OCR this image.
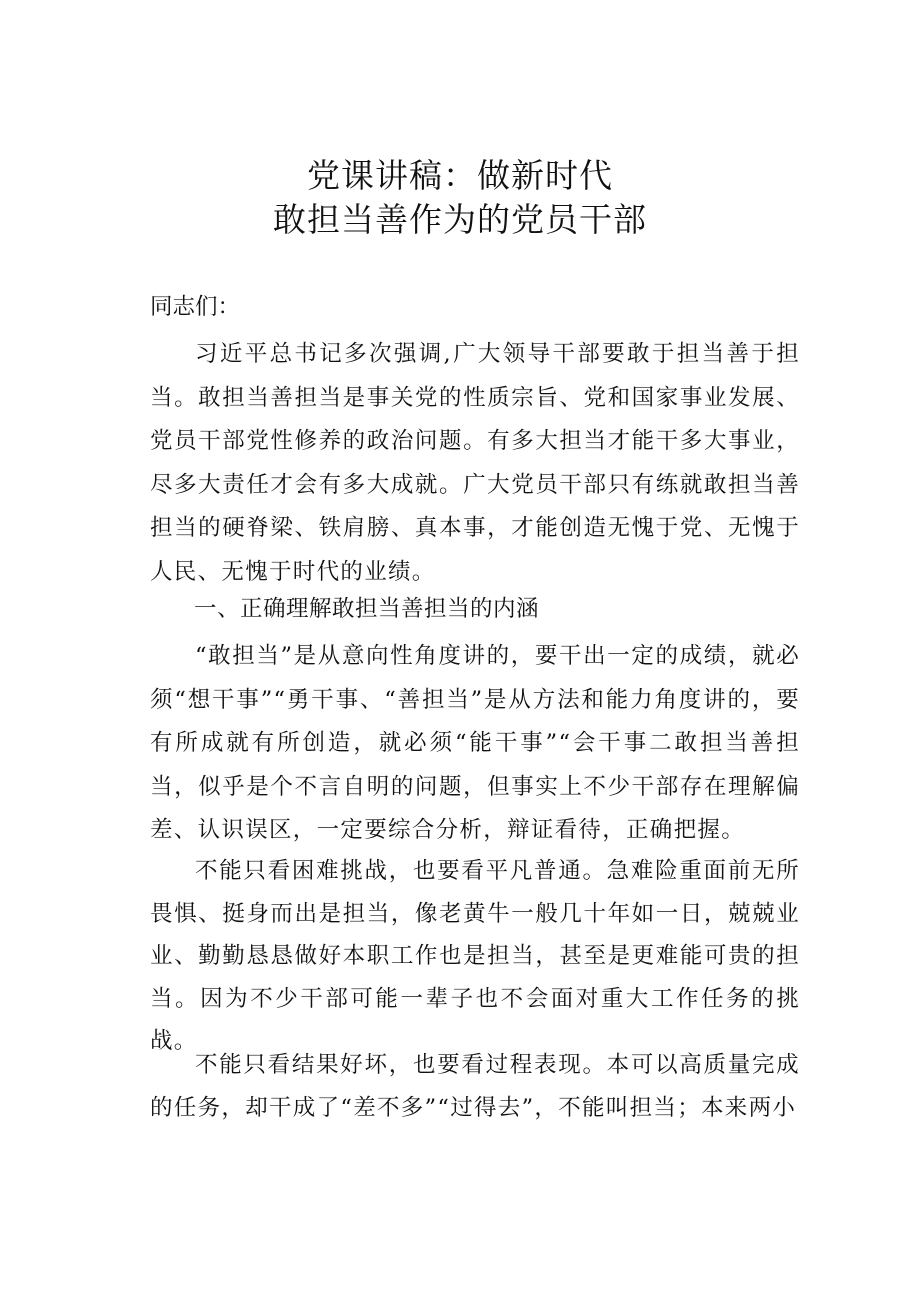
党课讲稿：做新时代
敢担当善作为的党员干部

同志们：

习近平总书记多次强调,广大领导干部要敢于担当善于担当。敢担当善担当是事关党的性质宗旨、党和国家事业发展、党员干部党性修养的政治问题。有多大担当才能干多大事业，尽多大责任才会有多大成就。广大党员干部只有练就敢担当善担当的硬脊梁、铁肩膀、真本事，才能创造无愧于党、无愧于人民、无愧于时代的业绩。

一、正确理解敢担当善担当的内涵

“敢担当”是从意向性角度讲的，要干出一定的成绩，就必须“想干事”“勇干事、“善担当”是从方法和能力角度讲的，要有所成就有所创造，就必须“能干事”“会干事二敢担当善担当，似乎是个不言自明的问题，但事实上不少干部存在理解偏差、认识误区，一定要综合分析，辩证看待，正确把握。

不能只看困难挑战，也要看平凡普通。急难险重面前无所畏惧、挺身而出是担当，像老黄牛一般几十年如一日，兢兢业业、勤勤恳恳做好本职工作也是担当，甚至是更难能可贵的担当。因为不少干部可能一辈子也不会面对重大工作任务的挑战。

不能只看结果好坏，也要看过程表现。本可以高质量完成的任务，却干成了“差不多”“过得去”，不能叫担当；本来两小
